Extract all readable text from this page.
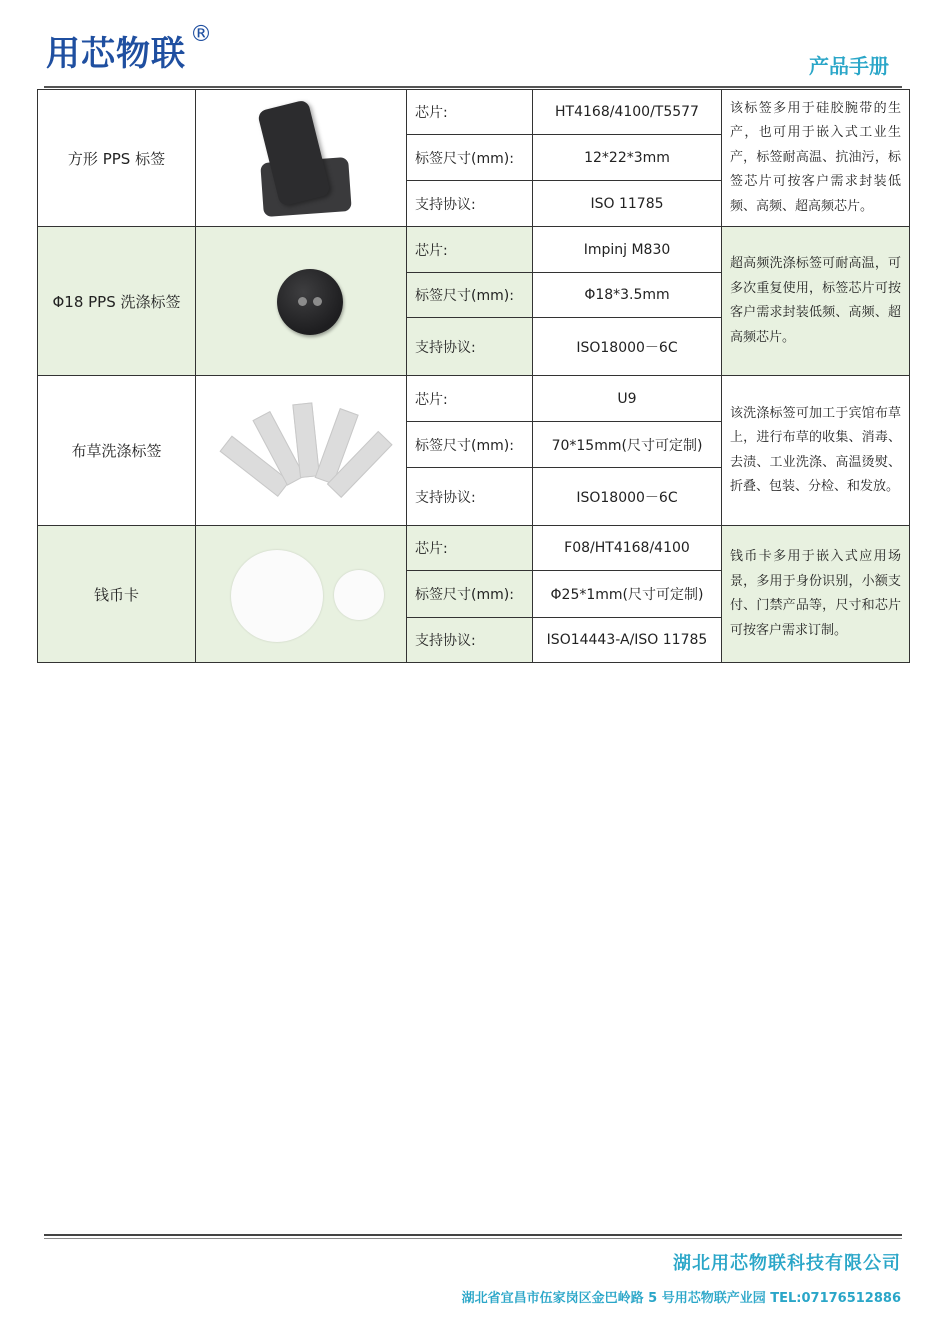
用芯物联 ®
产品手册
方形 PPS 标签		芯片:	HT4168/4100/T5577	该标签多用于硅胶腕带的生产，也可用于嵌入式工业生产，标签耐高温、抗油污，标签芯片可按客户需求封装低频、高频、超高频芯片。
		标签尺寸(mm):	12*22*3mm	
		支持协议:	ISO 11785	
Φ18 PPS 洗涤标签		芯片:	Impinj M830	超高频洗涤标签可耐高温，可多次重复使用，标签芯片可按客户需求封装低频、高频、超高频芯片。
		标签尺寸(mm):	Φ18*3.5mm	
		支持协议:	ISO18000－6C	
布草洗涤标签		芯片:	U9	该洗涤标签可加工于宾馆布草上，进行布草的收集、消毒、去渍、工业洗涤、高温烫熨、折叠、包装、分检、和发放。
		标签尺寸(mm):	70*15mm(尺寸可定制)	
		支持协议:	ISO18000－6C	
钱币卡		芯片:	F08/HT4168/4100	钱币卡多用于嵌入式应用场景，多用于身份识别，小额支付、门禁产品等，尺寸和芯片可按客户需求订制。
		标签尺寸(mm):	Φ25*1mm(尺寸可定制)	
		支持协议:	ISO14443-A/ISO 11785	
湖北用芯物联科技有限公司
湖北省宜昌市伍家岗区金巴岭路 5 号用芯物联产业园 TEL:07176512886
